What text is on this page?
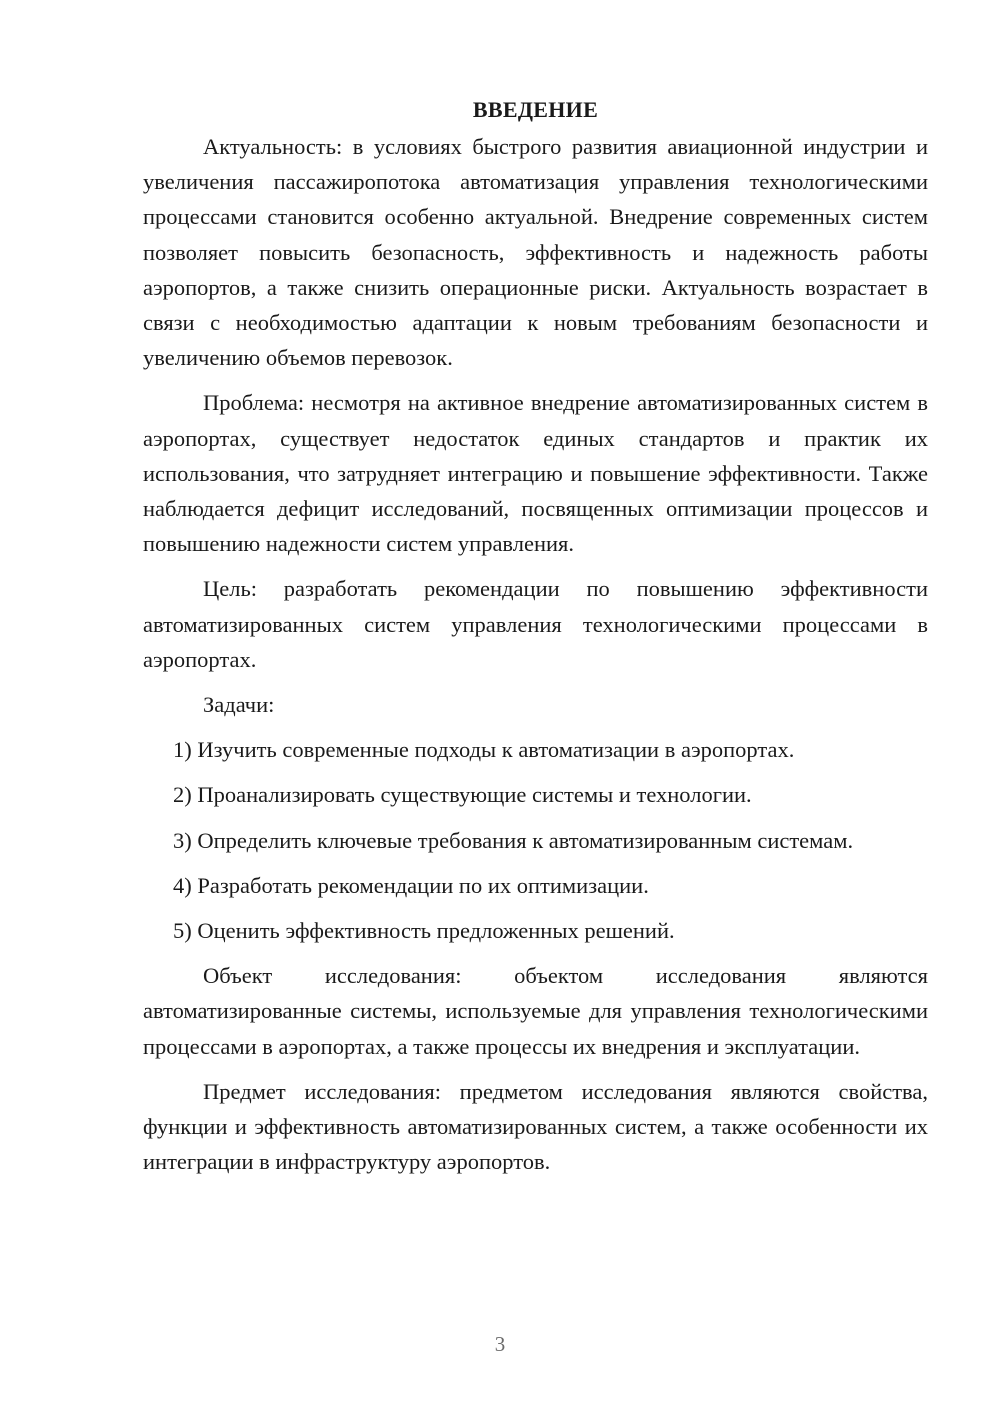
ВВЕДЕНИЕ

Актуальность: в условиях быстрого развития авиационной индустрии и увеличения пассажиропотока автоматизация управления технологическими процессами становится особенно актуальной. Внедрение современных систем позволяет повысить безопасность, эффективность и надежность работы аэропортов, а также снизить операционные риски. Актуальность возрастает в связи с необходимостью адаптации к новым требованиям безопасности и увеличению объемов перевозок.

Проблема: несмотря на активное внедрение автоматизированных систем в аэропортах, существует недостаток единых стандартов и практик их использования, что затрудняет интеграцию и повышение эффективности. Также наблюдается дефицит исследований, посвященных оптимизации процессов и повышению надежности систем управления.

Цель: разработать рекомендации по повышению эффективности автоматизированных систем управления технологическими процессами в аэропортах.

Задачи:

1) Изучить современные подходы к автоматизации в аэропортах.

2) Проанализировать существующие системы и технологии.

3) Определить ключевые требования к автоматизированным системам.

4) Разработать рекомендации по их оптимизации.

5) Оценить эффективность предложенных решений.

Объект исследования: объектом исследования являются автоматизированные системы, используемые для управления технологическими процессами в аэропортах, а также процессы их внедрения и эксплуатации.

Предмет исследования: предметом исследования являются свойства, функции и эффективность автоматизированных систем, а также особенности их интеграции в инфраструктуру аэропортов.

3
